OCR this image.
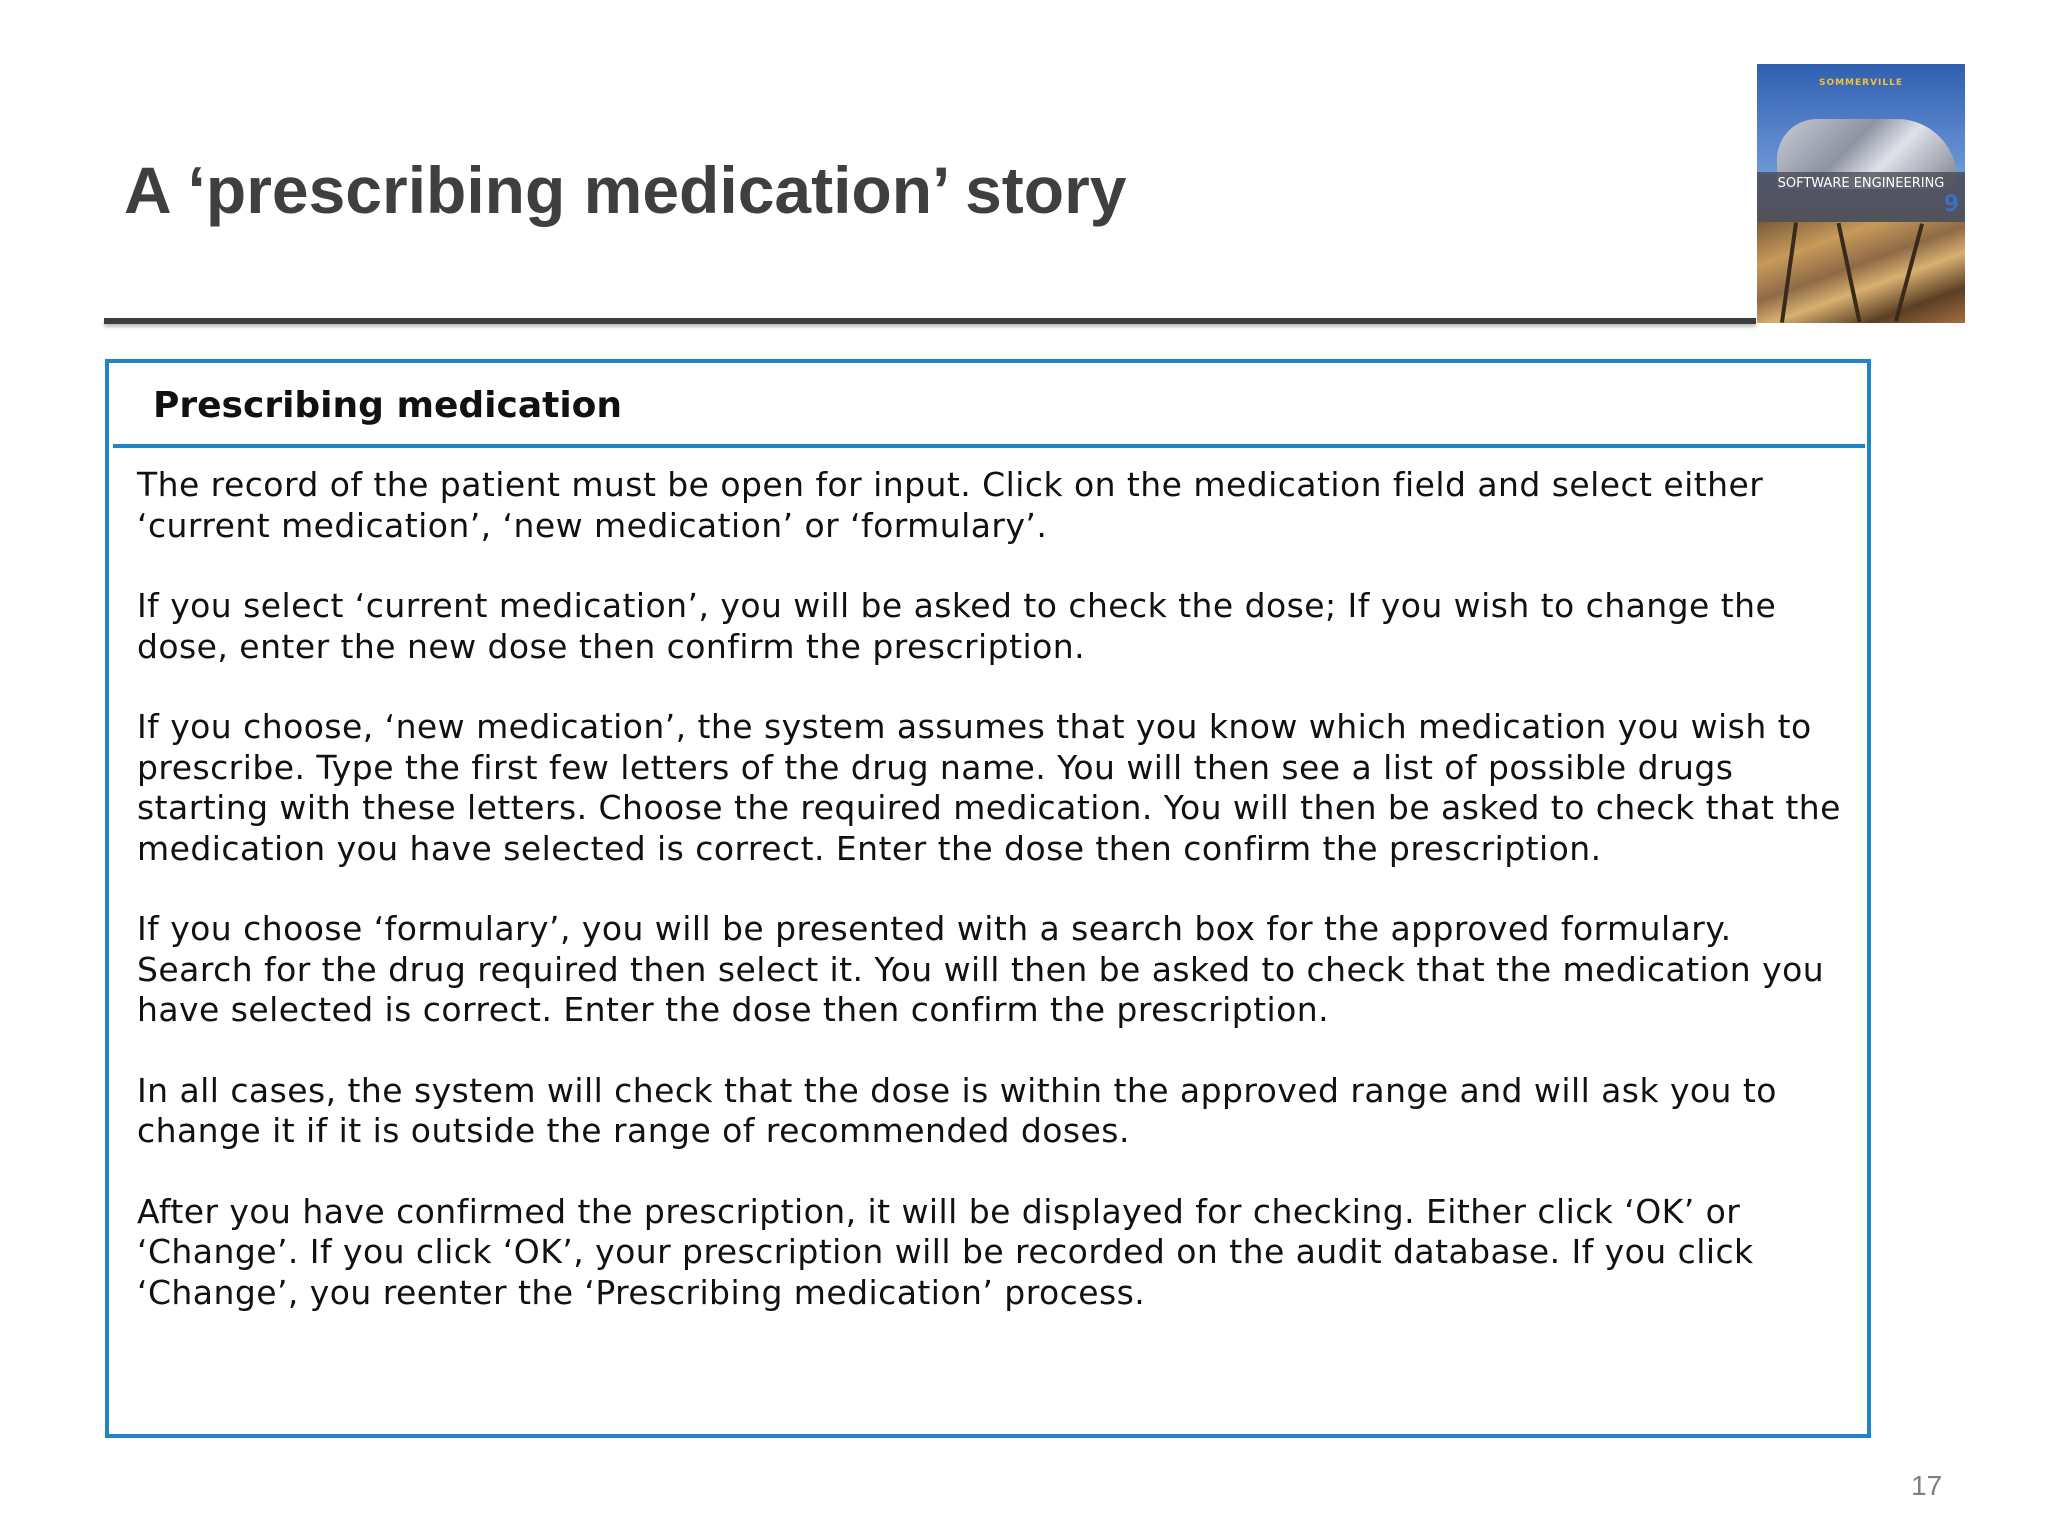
A ‘prescribing medication’ story
SOMMERVILLE
SOFTWARE ENGINEERING
9
Prescribing medication

The record of the patient must be open for input. Click on the medication field and select either ‘current medication’, ‘new medication’ or ‘formulary’.

If you select ‘current medication’, you will be asked to check the dose; If you wish to change the dose, enter the new dose then confirm the prescription.

If you choose, ‘new medication’, the system assumes that you know which medication you wish to prescribe. Type the first few letters of the drug name. You will then see a list of possible drugs starting with these letters. Choose the required medication. You will then be asked to check that the medication you have selected is correct. Enter the dose then confirm the prescription.

If you choose ‘formulary’, you will be presented with a search box for the approved formulary. Search for the drug required then select it. You will then be asked to check that the medication you have selected is correct. Enter the dose then confirm the prescription.

In all cases, the system will check that the dose is within the approved range and will ask you to change it if it is outside the range of recommended doses.

After you have confirmed the prescription, it will be displayed for checking. Either click ‘OK’ or ‘Change’. If you click ‘OK’, your prescription will be recorded on the audit database. If you click ‘Change’, you reenter the ‘Prescribing medication’ process.

17
